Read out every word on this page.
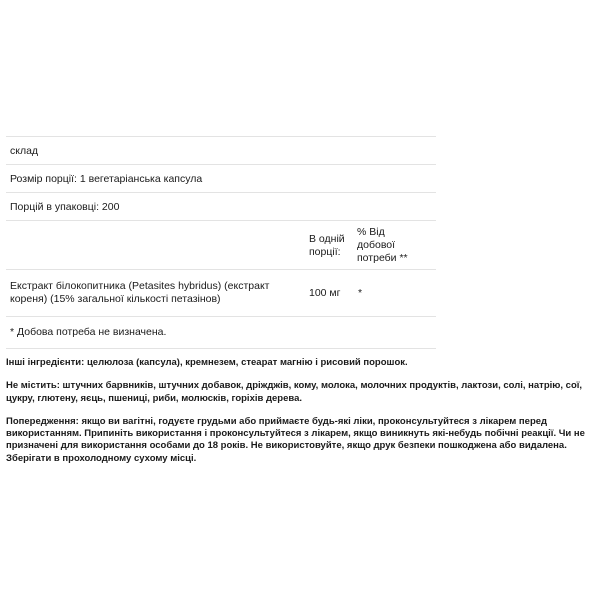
склад
Розмір порції: 1 вегетаріанська капсула
Порцій в упаковці: 200
В одній
порції:
% Від
добової
потреби **
Екстракт білокопитника (Petasites hybridus) (екстракт
кореня) (15% загальної кількості петазінов)	100 мг *
* Добова потреба не визначена.

Інші інгредієнти: целюлоза (капсула), кремнезем, стеарат магнію і рисовий порошок.

Не містить: штучних барвників, штучних добавок, дріжджів, кому, молока, молочних продуктів, лактози, солі, натрію, сої, цукру, глютену, яєць, пшениці, риби, молюсків, горіхів дерева.

Попередження: якщо ви вагітні, годуєте грудьми або приймаєте будь-які ліки, проконсультуйтеся з лікарем перед використанням. Припиніть використання і проконсультуйтеся з лікарем, якщо виникнуть які-небудь побічні реакції. Чи не призначені для використання особами до 18 років. Не використовуйте, якщо друк безпеки пошкоджена або видалена. Зберігати в прохолодному сухому місці.
